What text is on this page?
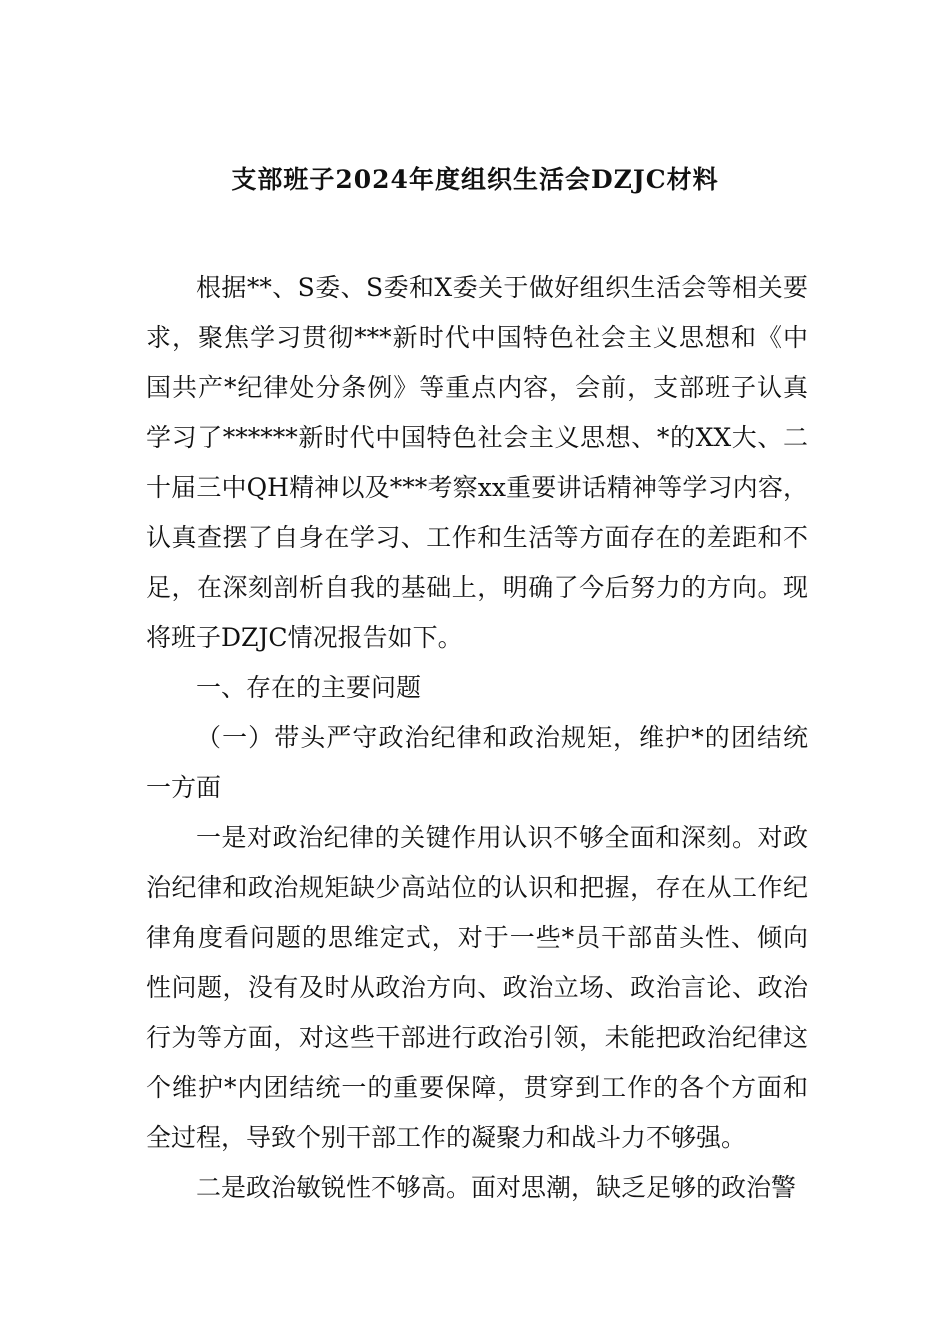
支部班子2024年度组织生活会DZJC材料

根据**、S委、S委和X委关于做好组织生活会等相关要求，聚焦学习贯彻***新时代中国特色社会主义思想和《中国共产*纪律处分条例》等重点内容，会前，支部班子认真学习了******新时代中国特色社会主义思想、*的XX大、二十届三中QH精神以及***考察xx重要讲话精神等学习内容，认真查摆了自身在学习、工作和生活等方面存在的差距和不足，在深刻剖析自我的基础上，明确了今后努力的方向。现将班子DZJC情况报告如下。

一、存在的主要问题

（一）带头严守政治纪律和政治规矩，维护*的团结统一方面

一是对政治纪律的关键作用认识不够全面和深刻。对政治纪律和政治规矩缺少高站位的认识和把握，存在从工作纪律角度看问题的思维定式，对于一些*员干部苗头性、倾向性问题，没有及时从政治方向、政治立场、政治言论、政治行为等方面，对这些干部进行政治引领，未能把政治纪律这个维护*内团结统一的重要保障，贯穿到工作的各个方面和全过程，导致个别干部工作的凝聚力和战斗力不够强。

二是政治敏锐性不够高。面对思潮，缺乏足够的政治警
